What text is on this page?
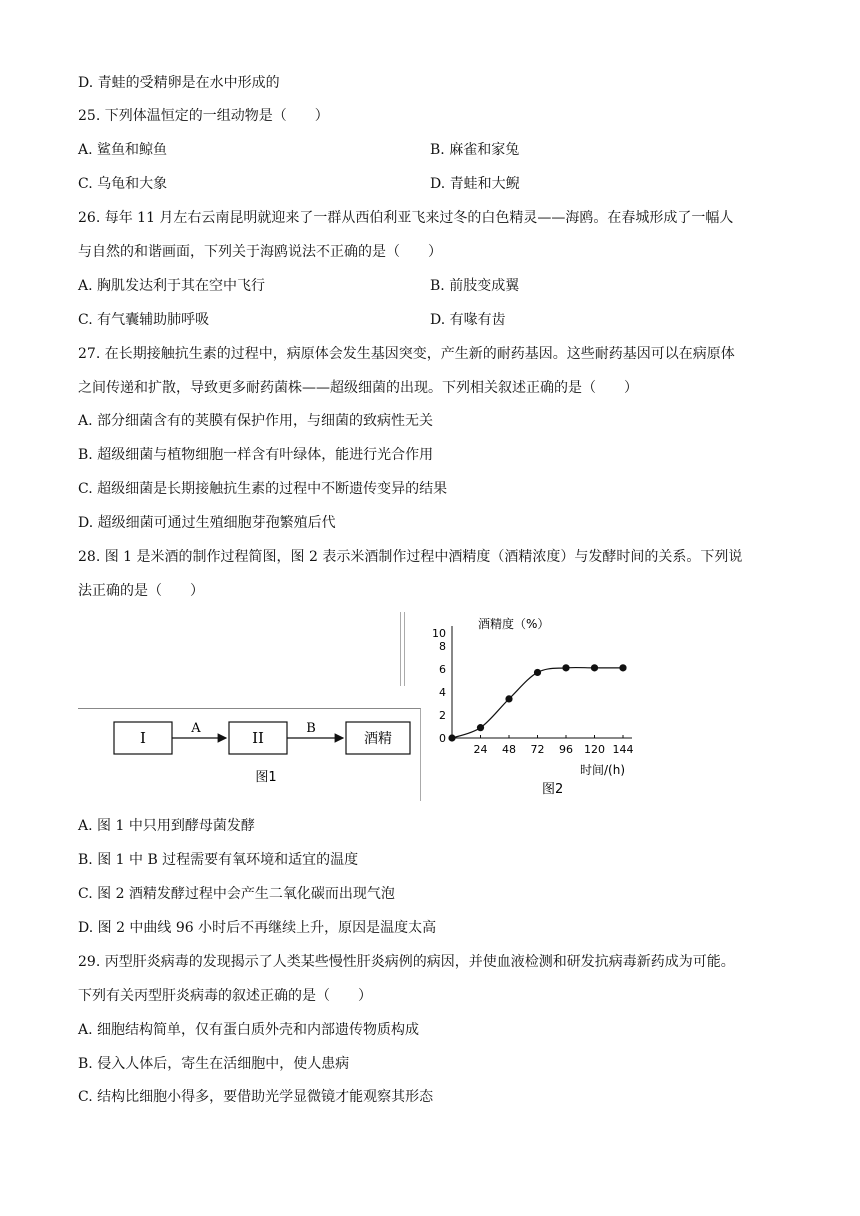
D. 青蛙的受精卵是在水中形成的
25. 下列体温恒定的一组动物是（　　）
A. 鲨鱼和鲸鱼	B. 麻雀和家兔
C. 乌龟和大象	D. 青蛙和大鲵
26. 每年 11 月左右云南昆明就迎来了一群从西伯利亚飞来过冬的白色精灵——海鸥。在春城形成了一幅人
与自然的和谐画面，下列关于海鸥说法不正确的是（　　）
A. 胸肌发达利于其在空中飞行	B. 前肢变成翼
C. 有气囊辅助肺呼吸	D. 有喙有齿
27. 在长期接触抗生素的过程中，病原体会发生基因突变，产生新的耐药基因。这些耐药基因可以在病原体
之间传递和扩散，导致更多耐药菌株——超级细菌的出现。下列相关叙述正确的是（　　）
A. 部分细菌含有的荚膜有保护作用，与细菌的致病性无关
B. 超级细菌与植物细胞一样含有叶绿体，能进行光合作用
C. 超级细菌是长期接触抗生素的过程中不断遗传变异的结果
D. 超级细菌可通过生殖细胞芽孢繁殖后代
28. 图 1 是米酒的制作过程简图，图 2 表示米酒制作过程中酒精度（酒精浓度）与发酵时间的关系。下列说
法正确的是（　　）
I
A
II
B
酒精
图1
0
2
4
6
8
10
24 48 72 96 120 144
酒精度（%）
时间/(h)
图2
A. 图 1 中只用到酵母菌发酵
B. 图 1 中 B 过程需要有氧环境和适宜的温度
C. 图 2 酒精发酵过程中会产生二氧化碳而出现气泡
D. 图 2 中曲线 96 小时后不再继续上升，原因是温度太高
29. 丙型肝炎病毒的发现揭示了人类某些慢性肝炎病例的病因，并使血液检测和研发抗病毒新药成为可能。
下列有关丙型肝炎病毒的叙述正确的是（　　）
A. 细胞结构简单，仅有蛋白质外壳和内部遗传物质构成
B. 侵入人体后，寄生在活细胞中，使人患病
C. 结构比细胞小得多，要借助光学显微镜才能观察其形态
